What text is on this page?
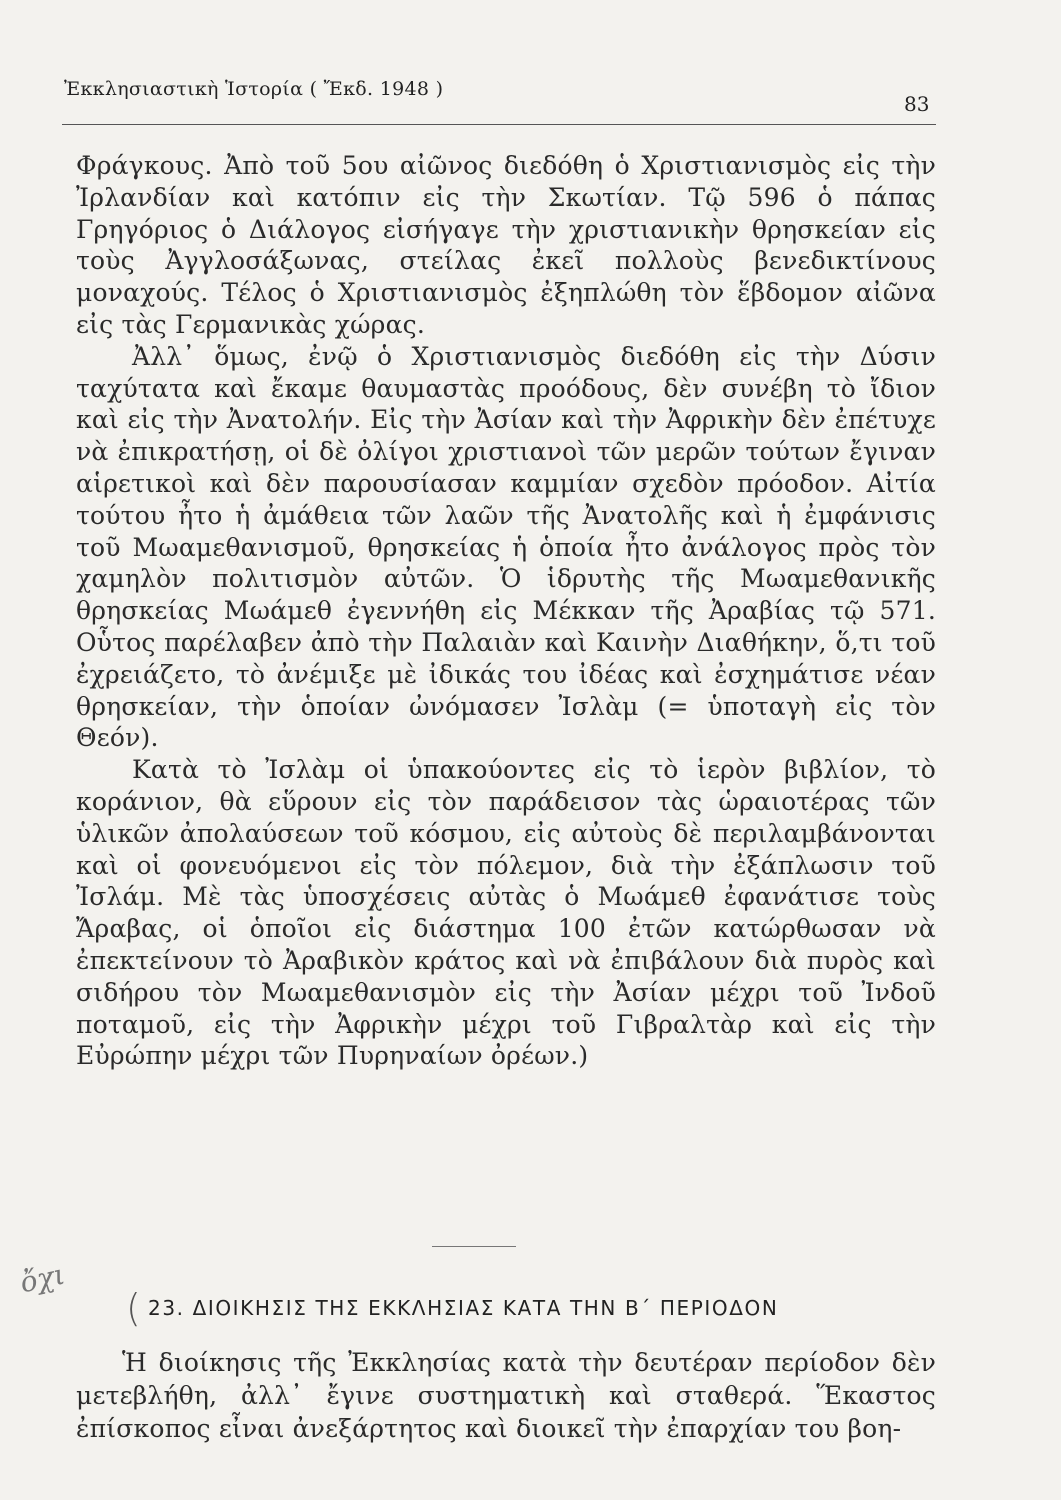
Ἐκκλησιαστικὴ Ἱστορία ( Ἔκδ. 1948 )
83

Φράγκους. Ἀπὸ τοῦ 5ου αἰῶνος διεδόθη ὁ Χριστιανισμὸς εἰς τὴν Ἰρλανδίαν καὶ κατόπιν εἰς τὴν Σκωτίαν. Τῷ 596 ὁ πάπας Γρηγόριος ὁ Διάλογος εἰσήγαγε τὴν χριστιανικὴν θρησκείαν εἰς τοὺς Ἀγγλοσάξωνας, στείλας ἐκεῖ πολλοὺς βενεδικτίνους μοναχούς. Τέλος ὁ Χριστιανισμὸς ἐξηπλώθη τὸν ἕβδομον αἰῶνα εἰς τὰς Γερμανικὰς χώρας.

Ἀλλ᾽ ὅμως, ἐνῷ ὁ Χριστιανισμὸς διεδόθη εἰς τὴν Δύσιν ταχύτατα καὶ ἔκαμε θαυμαστὰς προόδους, δὲν συνέβη τὸ ἴδιον καὶ εἰς τὴν Ἀνατολήν. Εἰς τὴν Ἀσίαν καὶ τὴν Ἀφρικὴν δὲν ἐπέτυχε νὰ ἐπικρατήσῃ, οἱ δὲ ὀλίγοι χριστιανοὶ τῶν μερῶν τούτων ἔγιναν αἱρετικοὶ καὶ δὲν παρουσίασαν καμμίαν σχεδὸν πρόοδον. Αἰτία τούτου ἦτο ἡ ἀμάθεια τῶν λαῶν τῆς Ἀνατολῆς καὶ ἡ ἐμφάνισις τοῦ Μωαμεθανισμοῦ, θρησκείας ἡ ὁποία ἦτο ἀνάλογος πρὸς τὸν χαμηλὸν πολιτισμὸν αὐτῶν. Ὁ ἱδρυτὴς τῆς Μωαμεθανικῆς θρησκείας Μωάμεθ ἐγεννήθη εἰς Μέκκαν τῆς Ἀραβίας τῷ 571. Οὗτος παρέλαβεν ἀπὸ τὴν Παλαιὰν καὶ Καινὴν Διαθήκην, ὅ,τι τοῦ ἐχρειάζετο, τὸ ἀνέμιξε μὲ ἰδικάς του ἰδέας καὶ ἐσχημάτισε νέαν θρησκείαν, τὴν ὁποίαν ὠνόμασεν Ἰσλὰμ (= ὑποταγὴ εἰς τὸν Θεόν).

Κατὰ τὸ Ἰσλὰμ οἱ ὑπακούοντες εἰς τὸ ἱερὸν βιβλίον, τὸ κοράνιον, θὰ εὕρουν εἰς τὸν παράδεισον τὰς ὡραιοτέρας τῶν ὑλικῶν ἀπολαύσεων τοῦ κόσμου, εἰς αὐτοὺς δὲ περιλαμβάνονται καὶ οἱ φονευόμενοι εἰς τὸν πόλεμον, διὰ τὴν ἐξάπλωσιν τοῦ Ἰσλάμ. Μὲ τὰς ὑποσχέσεις αὐτὰς ὁ Μωάμεθ ἐφανάτισε τοὺς Ἄραβας, οἱ ὁποῖοι εἰς διάστημα 100 ἐτῶν κατώρθωσαν νὰ ἐπεκτείνουν τὸ Ἀραβικὸν κράτος καὶ νὰ ἐπιβάλουν διὰ πυρὸς καὶ σιδήρου τὸν Μωαμεθανισμὸν εἰς τὴν Ἀσίαν μέχρι τοῦ Ἰνδοῦ ποταμοῦ, εἰς τὴν Ἀφρικὴν μέχρι τοῦ Γιβραλτὰρ καὶ εἰς τὴν Εὐρώπην μέχρι τῶν Πυρηναίων ὀρέων.)

ὄχι
( 23. ΔΙΟΙΚΗΣΙΣ ΤΗΣ ΕΚΚΛΗΣΙΑΣ ΚΑΤΑ ΤΗΝ Β΄ ΠΕΡΙΟΔΟΝ

Ἡ διοίκησις τῆς Ἐκκλησίας κατὰ τὴν δευτέραν περίοδον δὲν μετεβλήθη, ἀλλ᾽ ἔγινε συστηματικὴ καὶ σταθερά. Ἕκαστος ἐπίσκοπος εἶναι ἀνεξάρτητος καὶ διοικεῖ τὴν ἐπαρχίαν του βοη-
